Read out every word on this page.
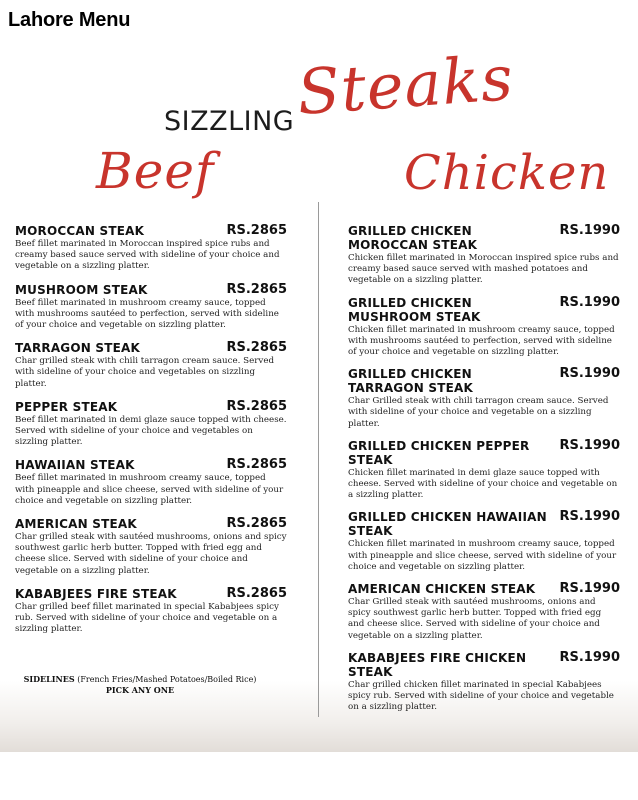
Lahore Menu
SIZZLING Steaks
Beef	Chicken
MOROCCAN STEAK	RS.2865
Beef fillet marinated in Moroccan inspired spice rubs and creamy based sauce served with sideline of your choice and vegetable on a sizzling platter.
MUSHROOM STEAK	RS.2865
Beef fillet marinated in mushroom creamy sauce, topped with mushrooms sautéed to perfection, served with sideline of your choice and vegetable on sizzling platter.
TARRAGON STEAK	RS.2865
Char grilled steak with chili tarragon cream sauce. Served with sideline of your choice and vegetables on sizzling platter.
PEPPER STEAK	RS.2865
Beef fillet marinated in demi glaze sauce topped with cheese. Served with sideline of your choice and vegetables on sizzling platter.
HAWAIIAN STEAK	RS.2865
Beef fillet marinated in mushroom creamy sauce, topped with pineapple and slice cheese, served with sideline of your choice and vegetable on sizzling platter.
AMERICAN STEAK	RS.2865
Char grilled steak with sautéed mushrooms, onions and spicy southwest garlic herb butter. Topped with fried egg and cheese slice. Served with sideline of your choice and vegetable on a sizzling platter.
KABABJEES FIRE STEAK	RS.2865
Char grilled beef fillet marinated in special Kababjees spicy rub. Served with sideline of your choice and vegetable on a sizzling platter.
SIDELINES (French Fries/Mashed Potatoes/Boiled Rice)
PICK ANY ONE
GRILLED CHICKEN MOROCCAN STEAK
RS.1990
Chicken fillet marinated in Moroccan inspired spice rubs and creamy based sauce served with mashed potatoes and vegetable on a sizzling platter.
GRILLED CHICKEN MUSHROOM STEAK
RS.1990
Chicken fillet marinated in mushroom creamy sauce, topped with mushrooms sautéed to perfection, served with sideline of your choice and vegetable on sizzling platter.
GRILLED CHICKEN TARRAGON STEAK
RS.1990
Char Grilled steak with chili tarragon cream sauce. Served with sideline of your choice and vegetable on a sizzling platter.
GRILLED CHICKEN PEPPER STEAK
RS.1990
Chicken fillet marinated in demi glaze sauce topped with cheese. Served with sideline of your choice and vegetable on a sizzling platter.
GRILLED CHICKEN HAWAIIAN STEAK
RS.1990
Chicken fillet marinated in mushroom creamy sauce, topped with pineapple and slice cheese, served with sideline of your choice and vegetable on sizzling platter.
AMERICAN CHICKEN STEAK RS.1990
Char Grilled steak with sautéed mushrooms, onions and spicy southwest garlic herb butter. Topped with fried egg and cheese slice. Served with sideline of your choice and vegetable on a sizzling platter.
KABABJEES FIRE CHICKEN STEAK
RS.1990
Char grilled chicken fillet marinated in special Kababjees spicy rub. Served with sideline of your choice and vegetable on a sizzling platter.
